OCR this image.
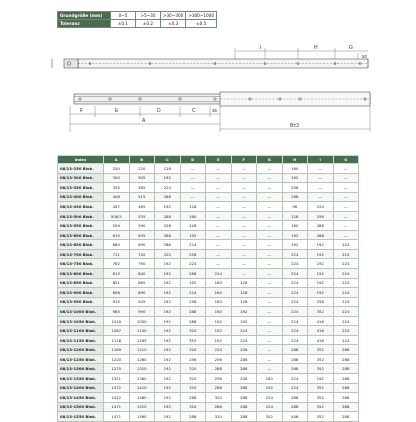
Grundgröße (mm)	0~5	>5~30	>30~300	>300~1000
Toleranz	±0.1	±0.2	±0.3	±0.5
I	H	G
50
F	E	D	C	35
A
B±3
Index	A	B	C	D	E	F	G	H	I	G
08/13-250 Blok.	250	220	128	---	---	---	---	160	---	---
08/13-300 Blok.	300	305	192	---	---	---	---	192	---	---
08/13-350 Blok.	355	385	224	---	---	---	---	256	---	---
08/13-400 Blok.	406	415	288	---	---	---	---	288	---	---
08/13-450 Blok.	457	485	192	128	---	---	---	96	224	---
08/13-500 Blok.	508,5	535	288	160	---	---	---	128	256	---
08/13-550 Blok.	559	590	256	128	---	---	---	160	288	---
08/13-600 Blok.	610	635	288	192	---	---	---	192	288	---
08/13-650 Blok.	660	690	288	224	---	---	---	192	192	224
08/13-700 Blok.	711	742	320	256	---	---	---	224	192	224
08/13-750 Blok.	762	790	192	224	---	---	---	224	192	224
08/13-800 Blok.	813	840	192	288	224	---	---	224	192	224
08/13-850 Blok.	851	865	192	192	160	128	---	224	192	224
08/13-900 Blok.	896	890	192	224	160	128	---	224	192	224
08/13-950 Blok.	915	945	192	256	160	128	---	224	256	224
08/13-1000 Blok.	985	990	192	288	160	192	---	224	352	224
08/13-1050 Blok.	1016	1050	192	288	192	192	---	224	416	224
08/13-1100 Blok.	1067	1100	192	320	192	224	---	224	416	224
08/13-1150 Blok.	1118	1165	192	352	192	224	---	224	416	224
08/13-1200 Blok.	1169	1210	192	320	224	256	---	288	352	288
08/13-1250 Blok.	1220	1260	192	256	256	288	---	288	352	288
08/13-1300 Blok.	1270	1310	192	320	288	288	---	288	352	288
08/13-1350 Blok.	1321	1360	192	320	256	256	160	224	192	288
08/13-1400 Blok.	1372	1410	192	320	288	288	192	224	352	288
08/13-1450 Blok.	1422	1460	192	288	320	288	224	288	352	288
08/13-1500 Blok.	1471	1510	192	320	288	288	224	288	352	288
08/13-1550 Blok.	1471	1560	192	288	320	288	352	448	352	288
